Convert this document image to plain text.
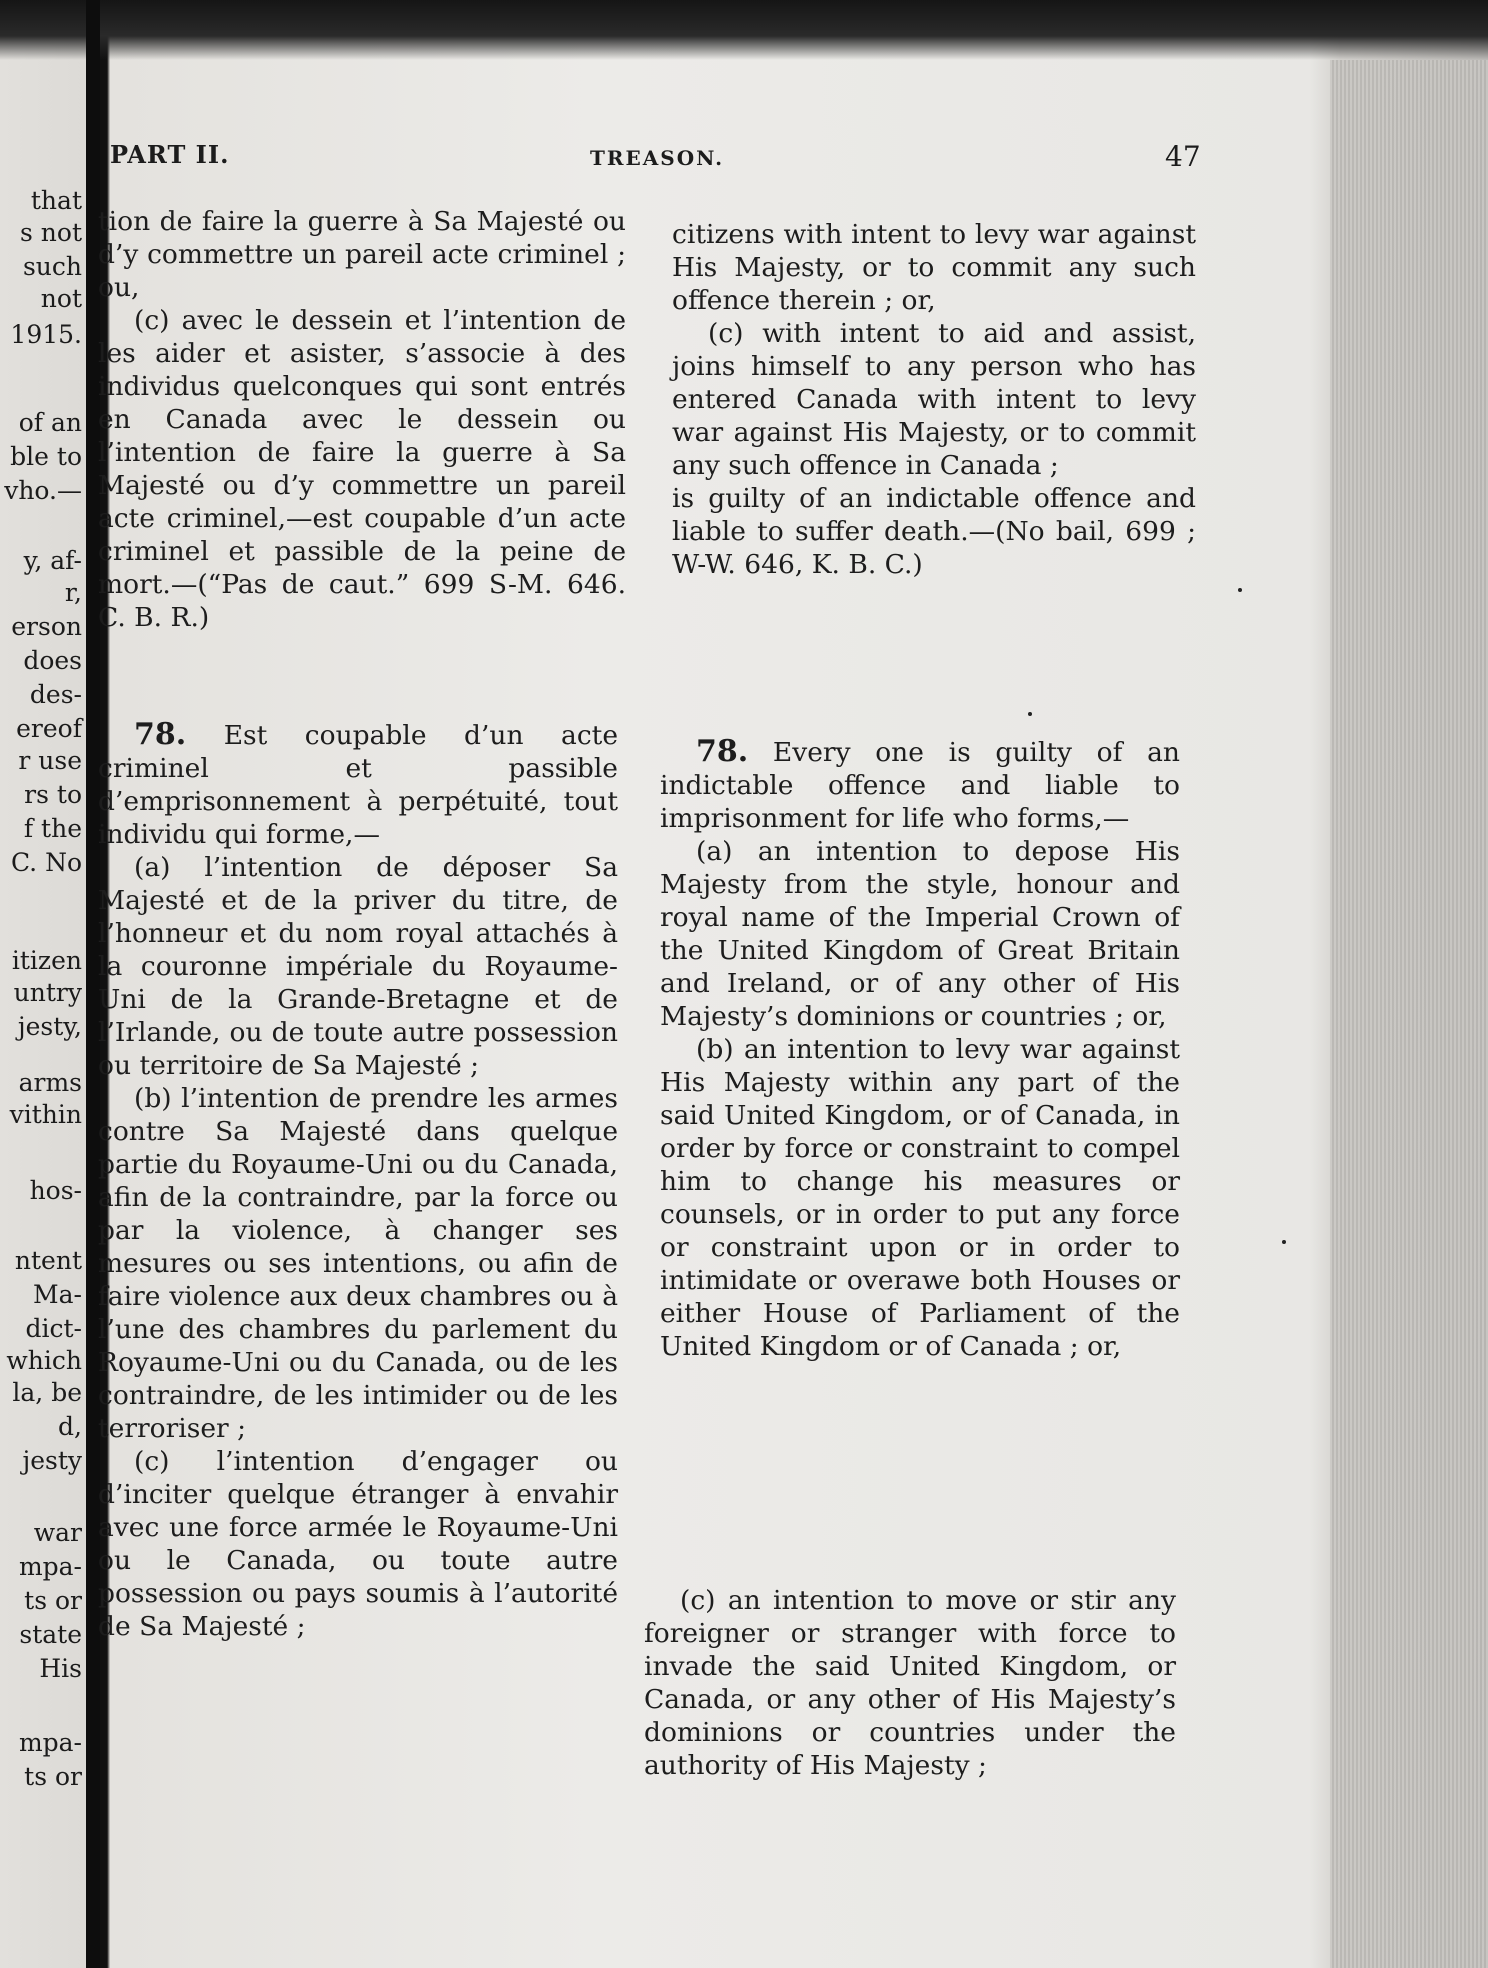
that
s not
such
not
1915.
of an
ble to
vho.—
y, af-
r,
erson
does
des-
ereof
r use
rs to
f the
C. No
itizen
untry
jesty,
arms
vithin
hos-
ntent
Ma-
dict-
which
la, be
d,
jesty
war
mpa-
ts or
state
His
mpa-
ts or
PART II.	TREASON.	47

tion de faire la guerre à Sa Majesté ou d’y commettre un pareil acte criminel ; ou,

(c) avec le dessein et l’intention de les aider et asister, s’associe à des individus quelconques qui sont entrés en Canada avec le dessein ou l’intention de faire la guerre à Sa Majesté ou d’y commettre un pareil acte criminel,—est coupable d’un acte criminel et passible de la peine de mort.—(“Pas de caut.” 699 S-M. 646. C. B. R.)

78. Est coupable d’un acte criminel et passible d’emprisonnement à perpétuité, tout individu qui forme,—

(a) l’intention de déposer Sa Majesté et de la priver du titre, de l’honneur et du nom royal attachés à la couronne impériale du Royaume-Uni de la Grande-Bretagne et de l’Irlande, ou de toute autre possession ou territoire de Sa Majesté ;

(b) l’intention de prendre les armes contre Sa Majesté dans quelque partie du Royaume-Uni ou du Canada, afin de la contraindre, par la force ou par la violence, à changer ses mesures ou ses intentions, ou afin de faire violence aux deux chambres ou à l’une des chambres du parlement du Royaume-Uni ou du Canada, ou de les contraindre, de les intimider ou de les terroriser ;

(c) l’intention d’engager ou d’inciter quelque étranger à envahir avec une force armée le Royaume-Uni ou le Canada, ou toute autre possession ou pays soumis à l’autorité de Sa Majesté ;

citizens with intent to levy war against His Majesty, or to commit any such offence therein ; or,

(c) with intent to aid and assist, joins himself to any person who has entered Canada with intent to levy war against His Majesty, or to commit any such offence in Canada ;

is guilty of an indictable offence and liable to suffer death.—(No bail, 699 ; W-W. 646, K. B. C.)

78. Every one is guilty of an indictable offence and liable to imprisonment for life who forms,—

(a) an intention to depose His Majesty from the style, honour and royal name of the Imperial Crown of the United Kingdom of Great Britain and Ireland, or of any other of His Majesty’s dominions or countries ; or,

(b) an intention to levy war against His Majesty within any part of the said United Kingdom, or of Canada, in order by force or constraint to compel him to change his measures or counsels, or in order to put any force or constraint upon or in order to intimidate or overawe both Houses or either House of Parliament of the United Kingdom or of Canada ; or,

(c) an intention to move or stir any foreigner or stranger with force to invade the said United Kingdom, or Canada, or any other of His Majesty’s dominions or countries under the authority of His Majesty ;
